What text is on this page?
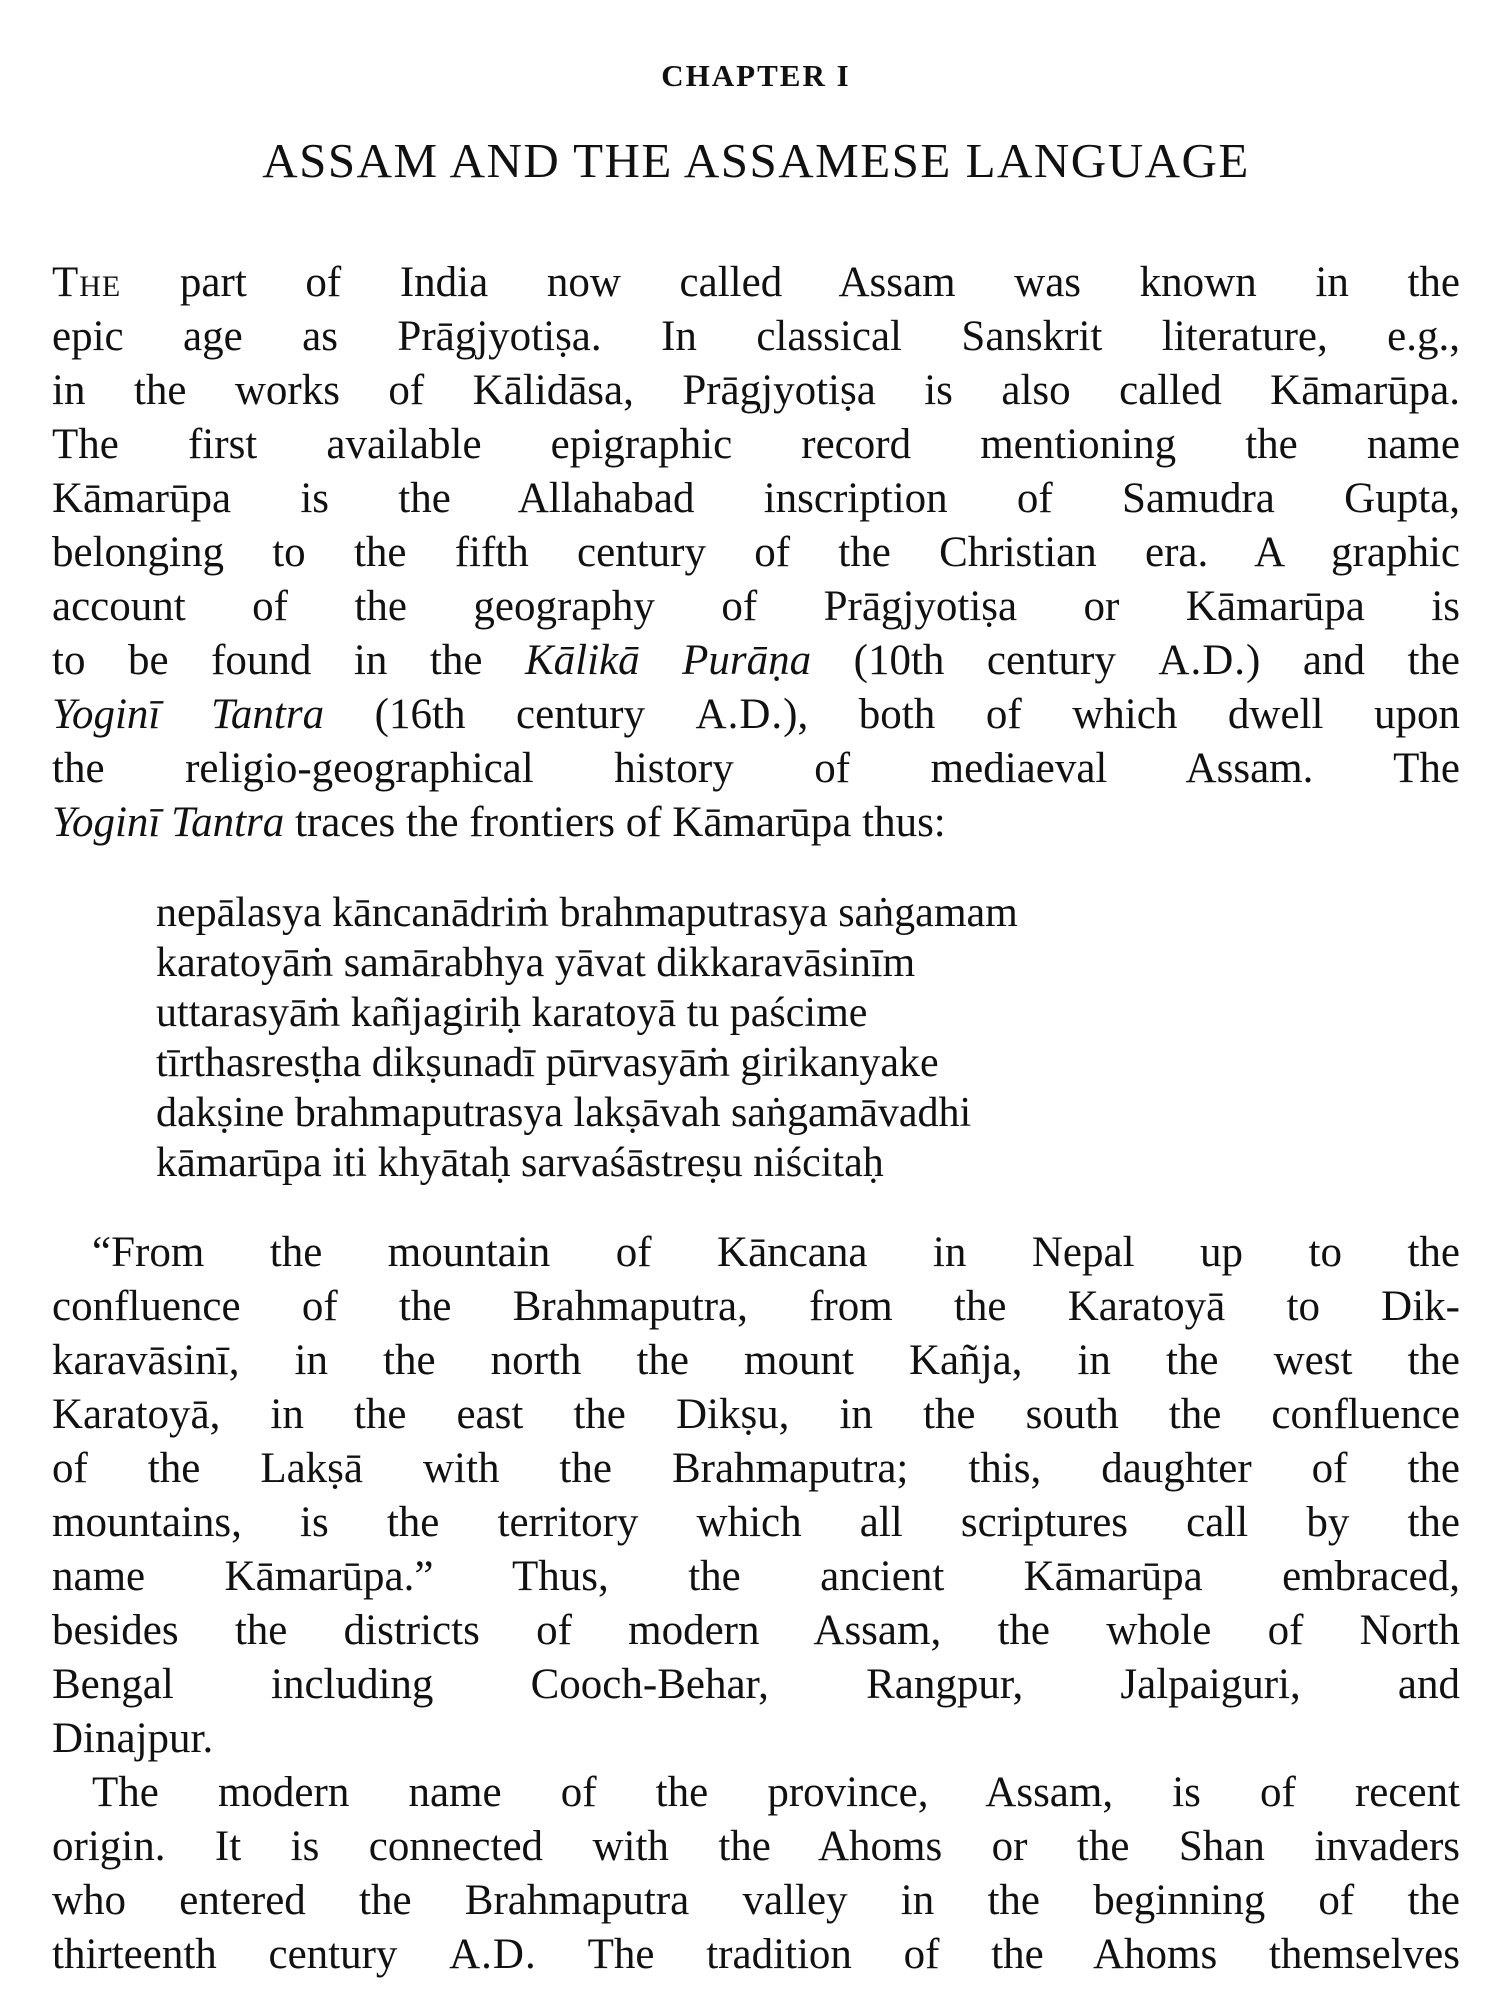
CHAPTER I
ASSAM AND THE ASSAMESE LANGUAGE
The part of India now called Assam was known in the
epic age as Prāgjyotiṣa. In classical Sanskrit literature, e.g.,
in the works of Kālidāsa, Prāgjyotiṣa is also called Kāmarūpa.
The first available epigraphic record mentioning the name
Kāmarūpa is the Allahabad inscription of Samudra Gupta,
belonging to the fifth century of the Christian era. A graphic
account of the geography of Prāgjyotiṣa or Kāmarūpa is
to be found in the Kālikā Purāṇa (10th century A.D.) and the
Yoginī Tantra (16th century A.D.), both of which dwell upon
the religio-geographical history of mediaeval Assam. The
Yoginī Tantra traces the frontiers of Kāmarūpa thus:
nepālasya kāncanādriṁ brahmaputrasya saṅgamam
karatoyāṁ samārabhya yāvat dikkaravāsinīm
uttarasyāṁ kañjagiriḥ karatoyā tu paścime
tīrthasresṭha dikṣunadī pūrvasyāṁ girikanyake
dakṣine brahmaputrasya lakṣāvah saṅgamāvadhi
kāmarūpa iti khyātaḥ sarvaśāstreṣu niścitaḥ
“From the mountain of Kāncana in Nepal up to the
confluence of the Brahmaputra, from the Karatoyā to Dik-
karavāsinī, in the north the mount Kañja, in the west the
Karatoyā, in the east the Dikṣu, in the south the confluence
of the Lakṣā with the Brahmaputra; this, daughter of the
mountains, is the territory which all scriptures call by the
name Kāmarūpa.” Thus, the ancient Kāmarūpa embraced,
besides the districts of modern Assam, the whole of North
Bengal including Cooch-Behar, Rangpur, Jalpaiguri, and
Dinajpur.
The modern name of the province, Assam, is of recent
origin. It is connected with the Ahoms or the Shan invaders
who entered the Brahmaputra valley in the beginning of the
thirteenth century A.D. The tradition of the Ahoms themselves
